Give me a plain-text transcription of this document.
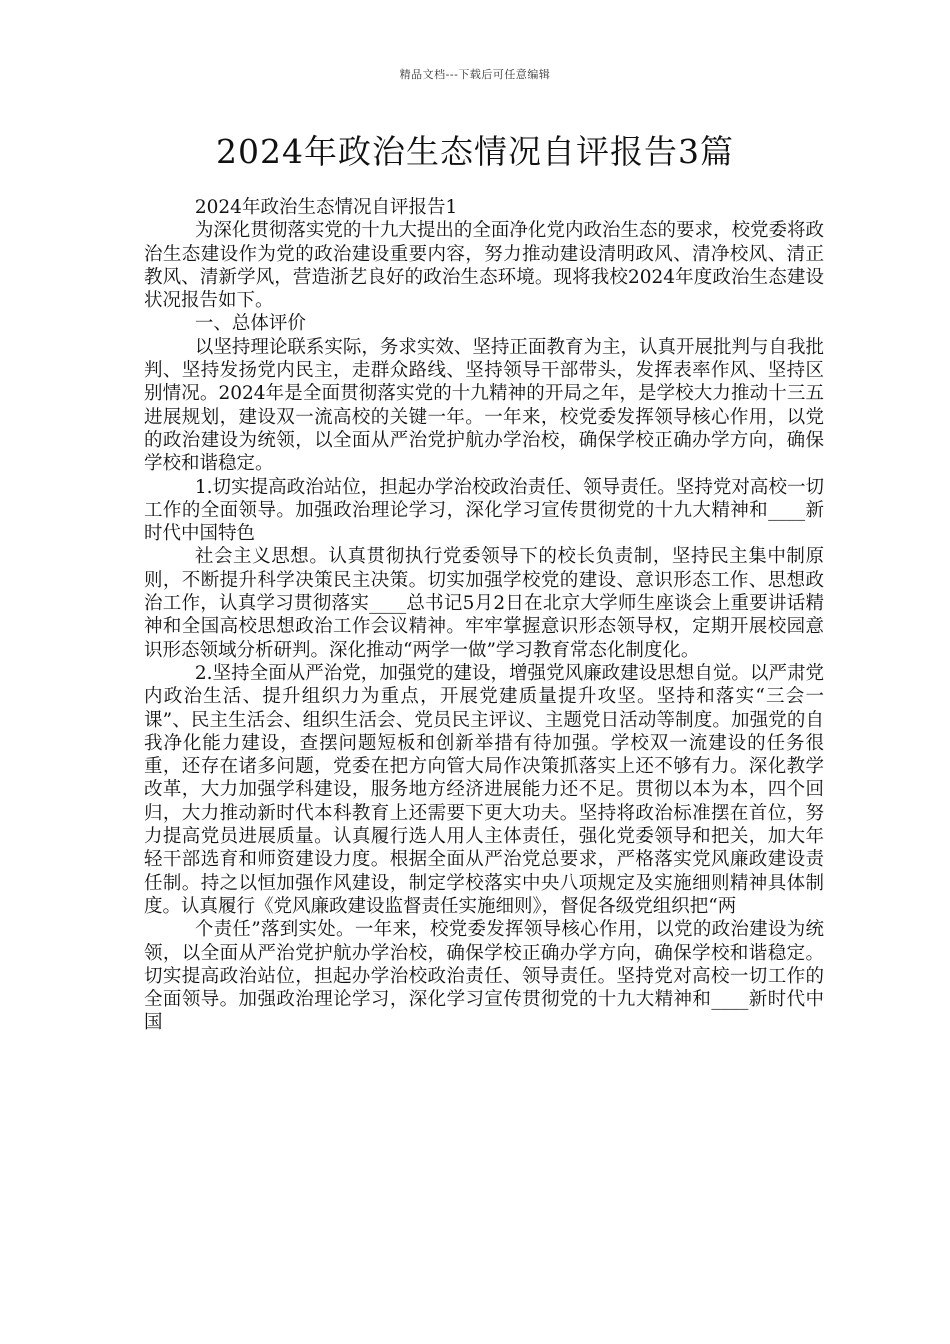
精品文档---下载后可任意编辑
2024年政治生态情况自评报告3篇

2024年政治生态情况自评报告1

为深化贯彻落实党的十九大提出的全面净化党内政治生态的要求，校党委将政治生态建设作为党的政治建设重要内容，努力推动建设清明政风、清净校风、清正教风、清新学风，营造浙艺良好的政治生态环境。现将我校2024年度政治生态建设状况报告如下。

一、总体评价

以坚持理论联系实际，务求实效、坚持正面教育为主，认真开展批判与自我批判、坚持发扬党内民主，走群众路线、坚持领导干部带头，发挥表率作风、坚持区别情况。2024年是全面贯彻落实党的十九精神的开局之年，是学校大力推动十三五进展规划，建设双一流高校的关键一年。一年来，校党委发挥领导核心作用，以党的政治建设为统领，以全面从严治党护航办学治校，确保学校正确办学方向，确保学校和谐稳定。

1.切实提高政治站位，担起办学治校政治责任、领导责任。坚持党对高校一切工作的全面领导。加强政治理论学习，深化学习宣传贯彻党的十九大精神和____新时代中国特色

社会主义思想。认真贯彻执行党委领导下的校长负责制，坚持民主集中制原则，不断提升科学决策民主决策。切实加强学校党的建设、意识形态工作、思想政治工作，认真学习贯彻落实____总书记5月2日在北京大学师生座谈会上重要讲话精神和全国高校思想政治工作会议精神。牢牢掌握意识形态领导权，定期开展校园意识形态领域分析研判。深化推动“两学一做”学习教育常态化制度化。

2.坚持全面从严治党，加强党的建设，增强党风廉政建设思想自觉。以严肃党内政治生活、提升组织力为重点，开展党建质量提升攻坚。坚持和落实“三会一课”、民主生活会、组织生活会、党员民主评议、主题党日活动等制度。加强党的自我净化能力建设，查摆问题短板和创新举措有待加强。学校双一流建设的任务很重，还存在诸多问题，党委在把方向管大局作决策抓落实上还不够有力。深化教学改革，大力加强学科建设，服务地方经济进展能力还不足。贯彻以本为本，四个回归，大力推动新时代本科教育上还需要下更大功夫。坚持将政治标准摆在首位，努力提高党员进展质量。认真履行选人用人主体责任，强化党委领导和把关，加大年轻干部选育和师资建设力度。根据全面从严治党总要求，严格落实党风廉政建设责任制。持之以恒加强作风建设，制定学校落实中央八项规定及实施细则精神具体制度。认真履行《党风廉政建设监督责任实施细则》，督促各级党组织把“两

个责任”落到实处。一年来，校党委发挥领导核心作用，以党的政治建设为统领，以全面从严治党护航办学治校，确保学校正确办学方向，确保学校和谐稳定。切实提高政治站位，担起办学治校政治责任、领导责任。坚持党对高校一切工作的全面领导。加强政治理论学习，深化学习宣传贯彻党的十九大精神和____新时代中国
